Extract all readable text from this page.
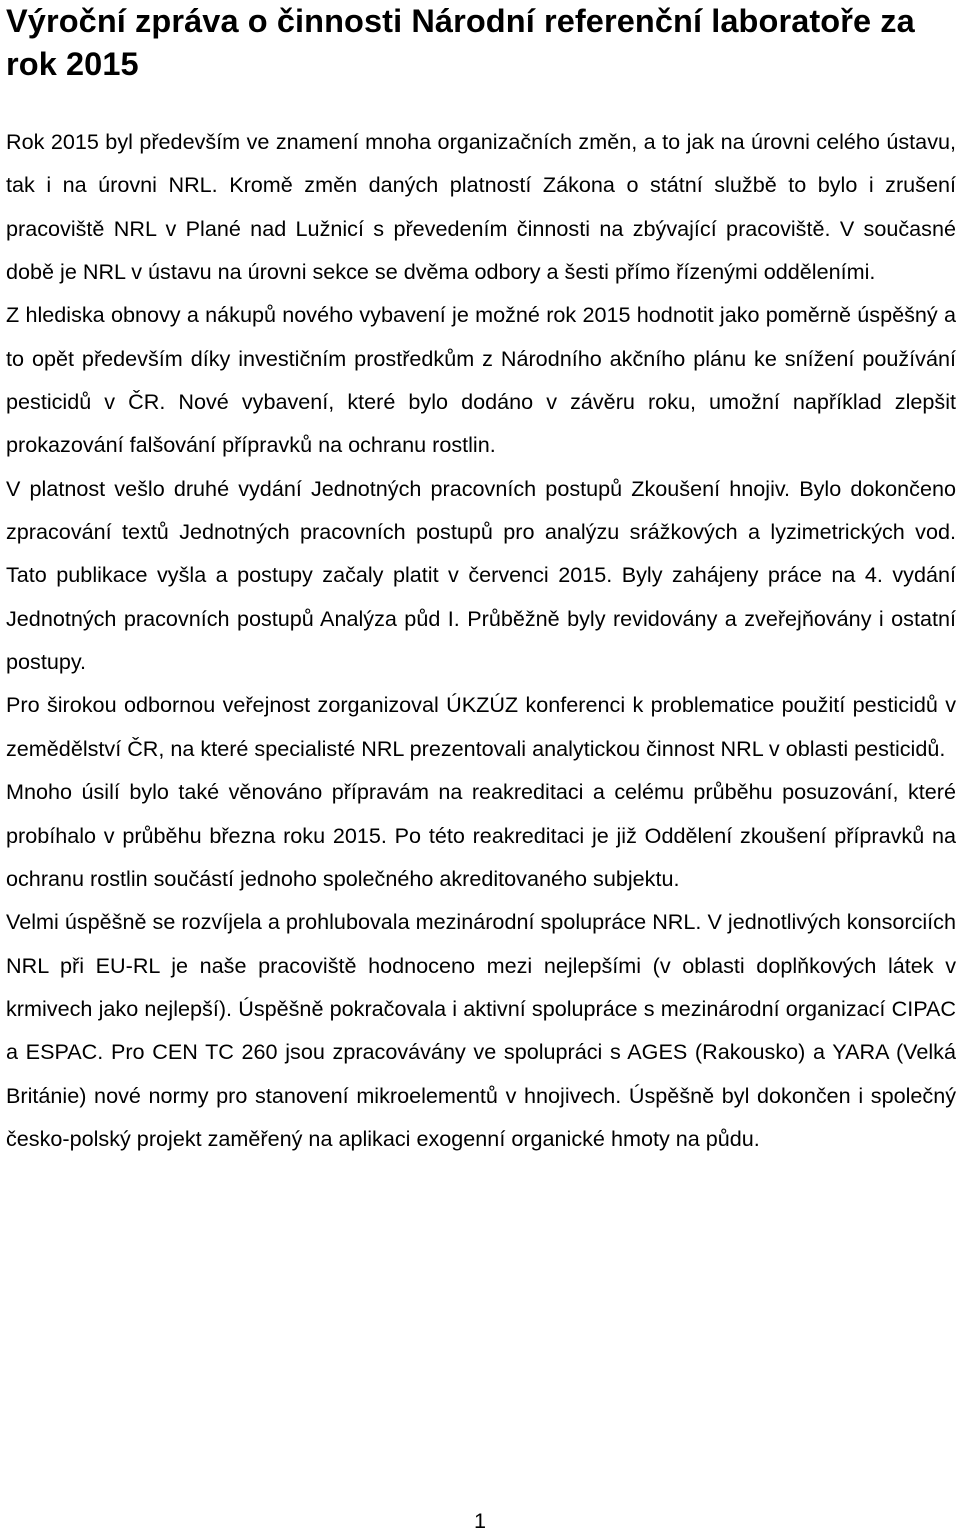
Výroční zpráva o činnosti Národní referenční laboratoře za rok 2015

Rok 2015 byl především ve znamení mnoha organizačních změn, a to jak na úrovni celého ústavu, tak i na úrovni NRL. Kromě změn daných platností Zákona o státní službě to bylo i zrušení pracoviště NRL v Plané nad Lužnicí s převedením činnosti na zbývající pracoviště. V současné době je NRL v ústavu na úrovni sekce se dvěma odbory a šesti přímo řízenými odděleními.

Z hlediska obnovy a nákupů nového vybavení je možné rok 2015 hodnotit jako poměrně úspěšný a to opět především díky investičním prostředkům z Národního akčního plánu ke snížení používání pesticidů v ČR. Nové vybavení, které bylo dodáno v závěru roku, umožní například zlepšit prokazování falšování přípravků na ochranu rostlin.

V platnost vešlo druhé vydání Jednotných pracovních postupů Zkoušení hnojiv. Bylo dokončeno zpracování textů Jednotných pracovních postupů pro analýzu srážkových a lyzimetrických vod. Tato publikace vyšla a postupy začaly platit v červenci 2015. Byly zahájeny práce na 4. vydání Jednotných pracovních postupů Analýza půd I. Průběžně byly revidovány a zveřejňovány i ostatní postupy.

Pro širokou odbornou veřejnost zorganizoval ÚKZÚZ konferenci k problematice použití pesticidů v zemědělství ČR, na které specialisté NRL prezentovali analytickou činnost NRL v oblasti pesticidů.

Mnoho úsilí bylo také věnováno přípravám na reakreditaci a celému průběhu posuzování, které probíhalo v průběhu března roku 2015. Po této reakreditaci je již Oddělení zkoušení přípravků na ochranu rostlin součástí jednoho společného akreditovaného subjektu.

Velmi úspěšně se rozvíjela a prohlubovala mezinárodní spolupráce NRL. V jednotlivých konsorciích NRL při EU-RL je naše pracoviště hodnoceno mezi nejlepšími (v oblasti doplňkových látek v krmivech jako nejlepší). Úspěšně pokračovala i aktivní spolupráce s mezinárodní organizací CIPAC a ESPAC. Pro CEN TC 260 jsou zpracovávány ve spolupráci s AGES (Rakousko) a YARA (Velká Británie) nové normy pro stanovení mikroelementů v hnojivech. Úspěšně byl dokončen i společný česko-polský projekt zaměřený na aplikaci exogenní organické hmoty na půdu.

1
